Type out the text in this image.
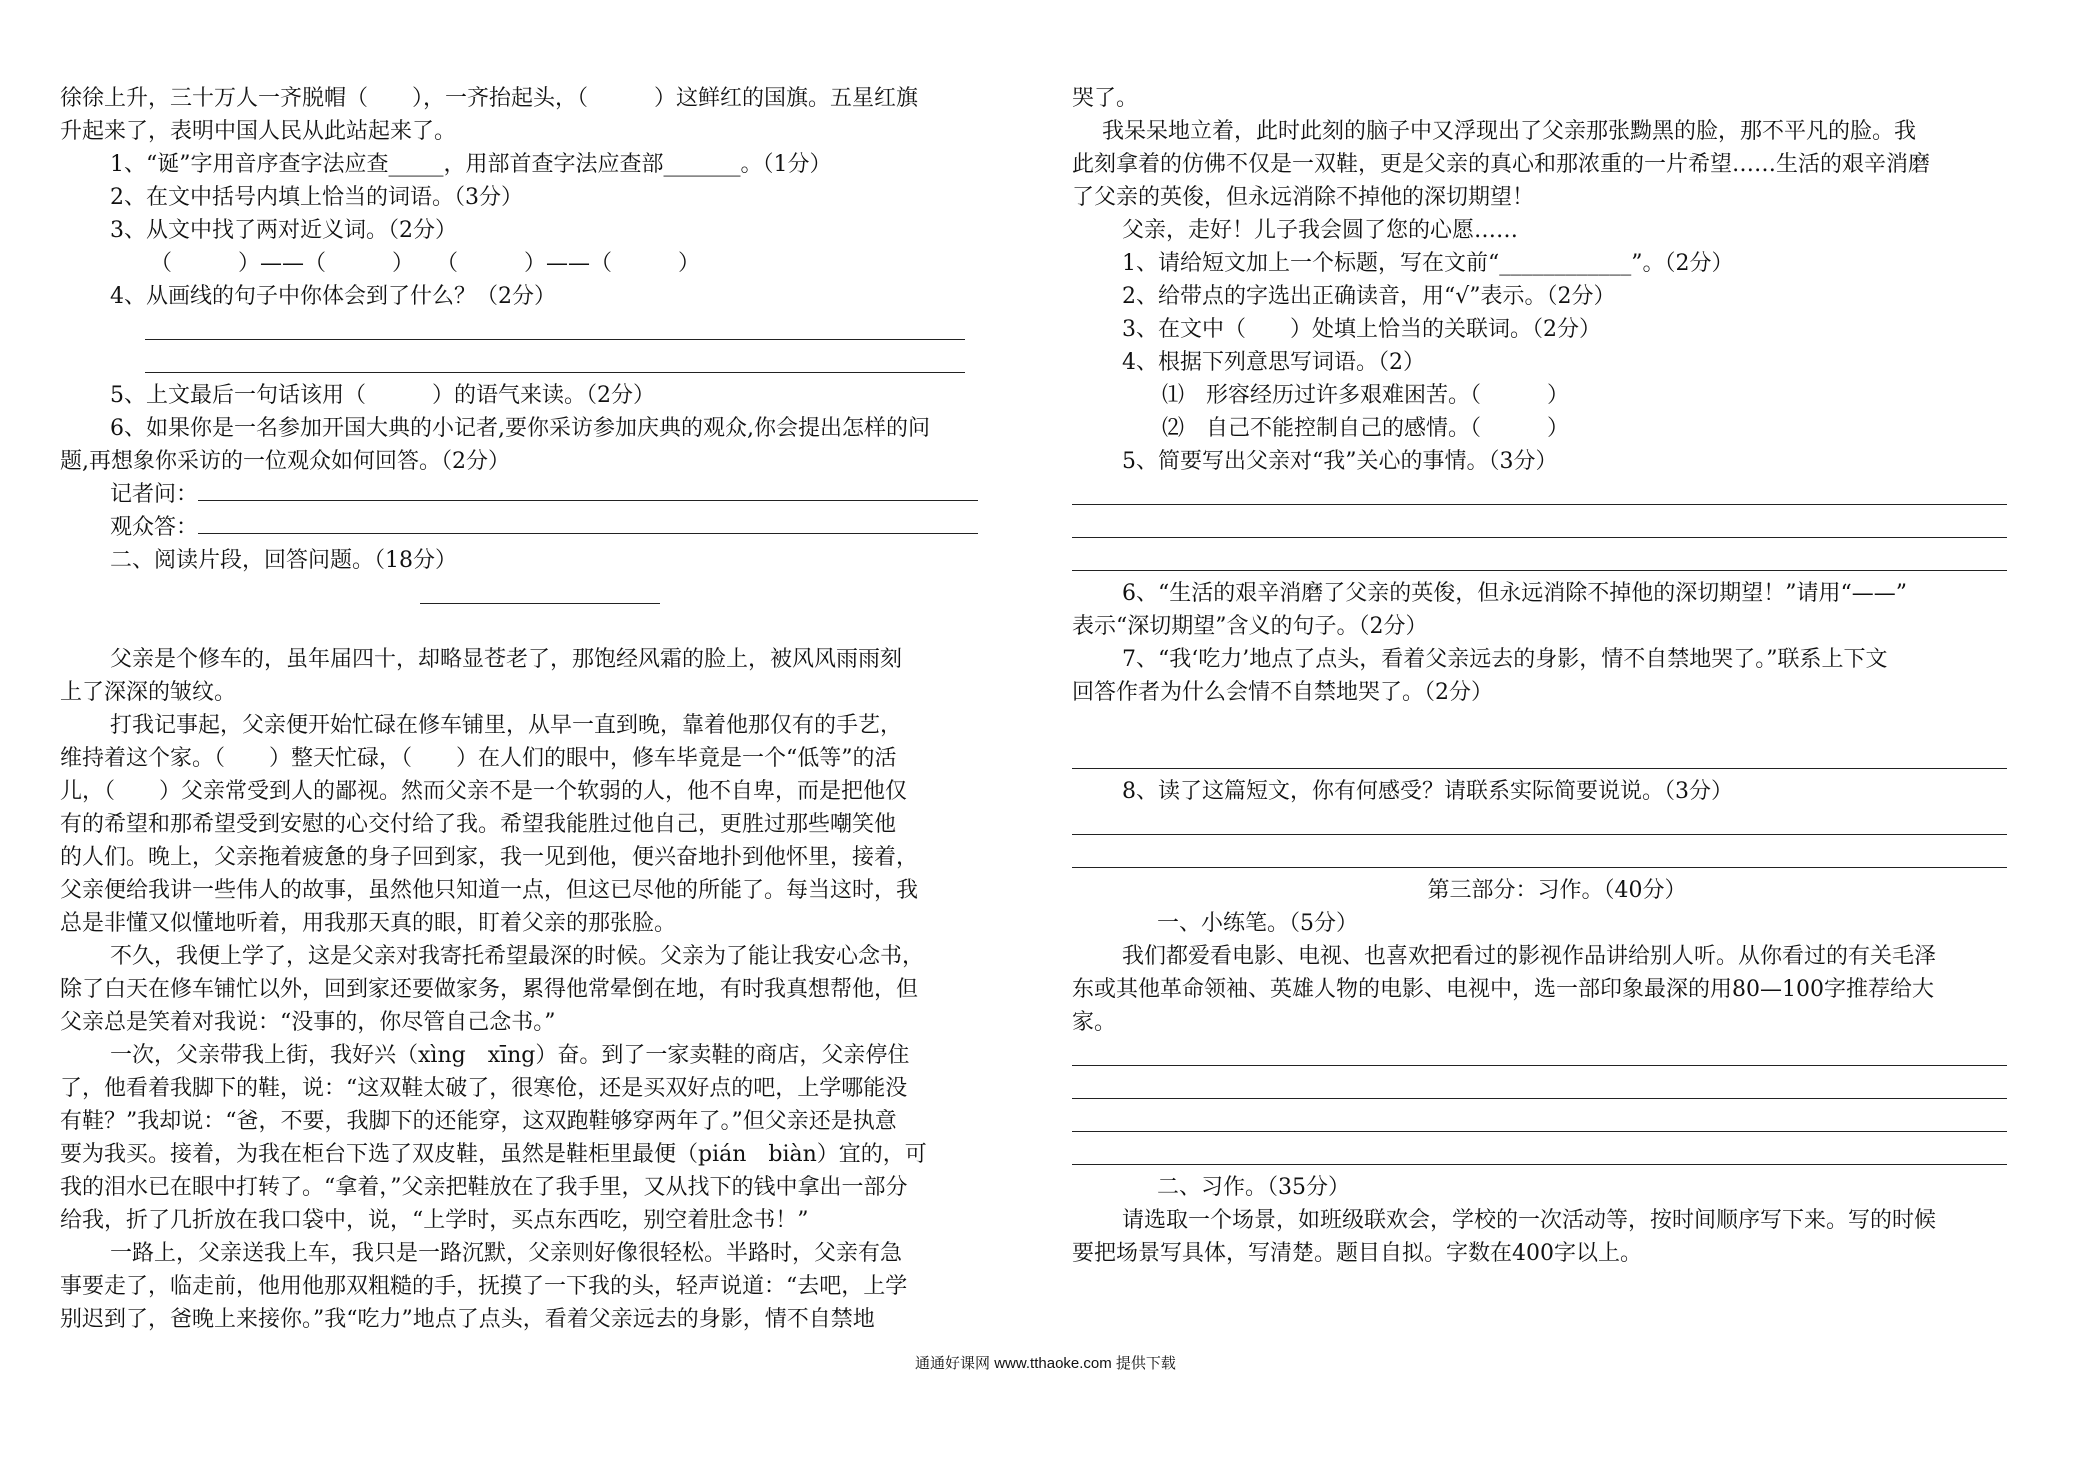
徐徐上升，三十万人一齐脱帽（　　），一齐抬起头，（　　　）这鲜红的国旗。五星红旗
升起来了，表明中国人民从此站起来了。
1、“诞”字用音序查字法应查_____，用部首查字法应查部_______。（1分）
2、在文中括号内填上恰当的词语。（3分）
3、从文中找了两对近义词。（2分）
（　　　）——（　　　）　　（　　　）——（　　　）
4、从画线的句子中你体会到了什么？（2分）
5、上文最后一句话该用（　　　）的语气来读。（2分）
6、如果你是一名参加开国大典的小记者,要你采访参加庆典的观众,你会提出怎样的问
题,再想象你采访的一位观众如何回答。（2分）
记者问：
观众答：
二、阅读片段，回答问题。（18分）
父亲是个修车的，虽年届四十，却略显苍老了，那饱经风霜的脸上，被风风雨雨刻
上了深深的皱纹。
打我记事起，父亲便开始忙碌在修车铺里，从早一直到晚，靠着他那仅有的手艺，
维持着这个家。（　　）整天忙碌，（　　）在人们的眼中，修车毕竟是一个“低等”的活
儿，（　　）父亲常受到人的鄙视。然而父亲不是一个软弱的人，他不自卑，而是把他仅
有的希望和那希望受到安慰的心交付给了我。希望我能胜过他自己，更胜过那些嘲笑他
的人们。晚上，父亲拖着疲惫的身子回到家，我一见到他，便兴奋地扑到他怀里，接着，
父亲便给我讲一些伟人的故事，虽然他只知道一点，但这已尽他的所能了。每当这时，我
总是非懂又似懂地听着，用我那天真的眼，盯着父亲的那张脸。
不久，我便上学了，这是父亲对我寄托希望最深的时候。父亲为了能让我安心念书，
除了白天在修车铺忙以外，回到家还要做家务，累得他常晕倒在地，有时我真想帮他，但
父亲总是笑着对我说：“没事的，你尽管自己念书。”
一次，父亲带我上街，我好兴（xìng　xīng）奋。到了一家卖鞋的商店，父亲停住
了，他看着我脚下的鞋，说：“这双鞋太破了，很寒伧，还是买双好点的吧，上学哪能没
有鞋？”我却说：“爸，不要，我脚下的还能穿，这双跑鞋够穿两年了。”但父亲还是执意
要为我买。接着，为我在柜台下选了双皮鞋，虽然是鞋柜里最便（pián　biàn）宜的，可
我的泪水已在眼中打转了。“拿着，”父亲把鞋放在了我手里，又从找下的钱中拿出一部分
给我，折了几折放在我口袋中，说，“上学时，买点东西吃，别空着肚念书！”
一路上，父亲送我上车，我只是一路沉默，父亲则好像很轻松。半路时，父亲有急
事要走了，临走前，他用他那双粗糙的手，抚摸了一下我的头，轻声说道：“去吧，上学
别迟到了，爸晚上来接你。”我“吃力”地点了点头，看着父亲远去的身影，情不自禁地
哭了。
我呆呆地立着，此时此刻的脑子中又浮现出了父亲那张黝黑的脸，那不平凡的脸。我
此刻拿着的仿佛不仅是一双鞋，更是父亲的真心和那浓重的一片希望……生活的艰辛消磨
了父亲的英俊，但永远消除不掉他的深切期望！
父亲，走好！儿子我会圆了您的心愿……
1、请给短文加上一个标题，写在文前“____________”。（2分）
2、给带点的字选出正确读音，用“√”表示。（2分）
3、在文中（　　）处填上恰当的关联词。（2分）
4、根据下列意思写词语。（2）
⑴　形容经历过许多艰难困苦。（　　　）
⑵　自己不能控制自己的感情。（　　　）
5、简要写出父亲对“我”关心的事情。（3分）
6、“生活的艰辛消磨了父亲的英俊，但永远消除不掉他的深切期望！”请用“——”
表示“深切期望”含义的句子。（2分）
7、“我‘吃力’地点了点头，看着父亲远去的身影，情不自禁地哭了。”联系上下文
回答作者为什么会情不自禁地哭了。（2分）
8、读了这篇短文，你有何感受？请联系实际简要说说。（3分）
第三部分：习作。（40分）
一、小练笔。（5分）
我们都爱看电影、电视、也喜欢把看过的影视作品讲给别人听。从你看过的有关毛泽
东或其他革命领袖、英雄人物的电影、电视中，选一部印象最深的用80—100字推荐给大
家。
二、习作。（35分）
请选取一个场景，如班级联欢会，学校的一次活动等，按时间顺序写下来。写的时候
要把场景写具体，写清楚。题目自拟。字数在400字以上。
通通好课网 www.tthaoke.com 提供下载
